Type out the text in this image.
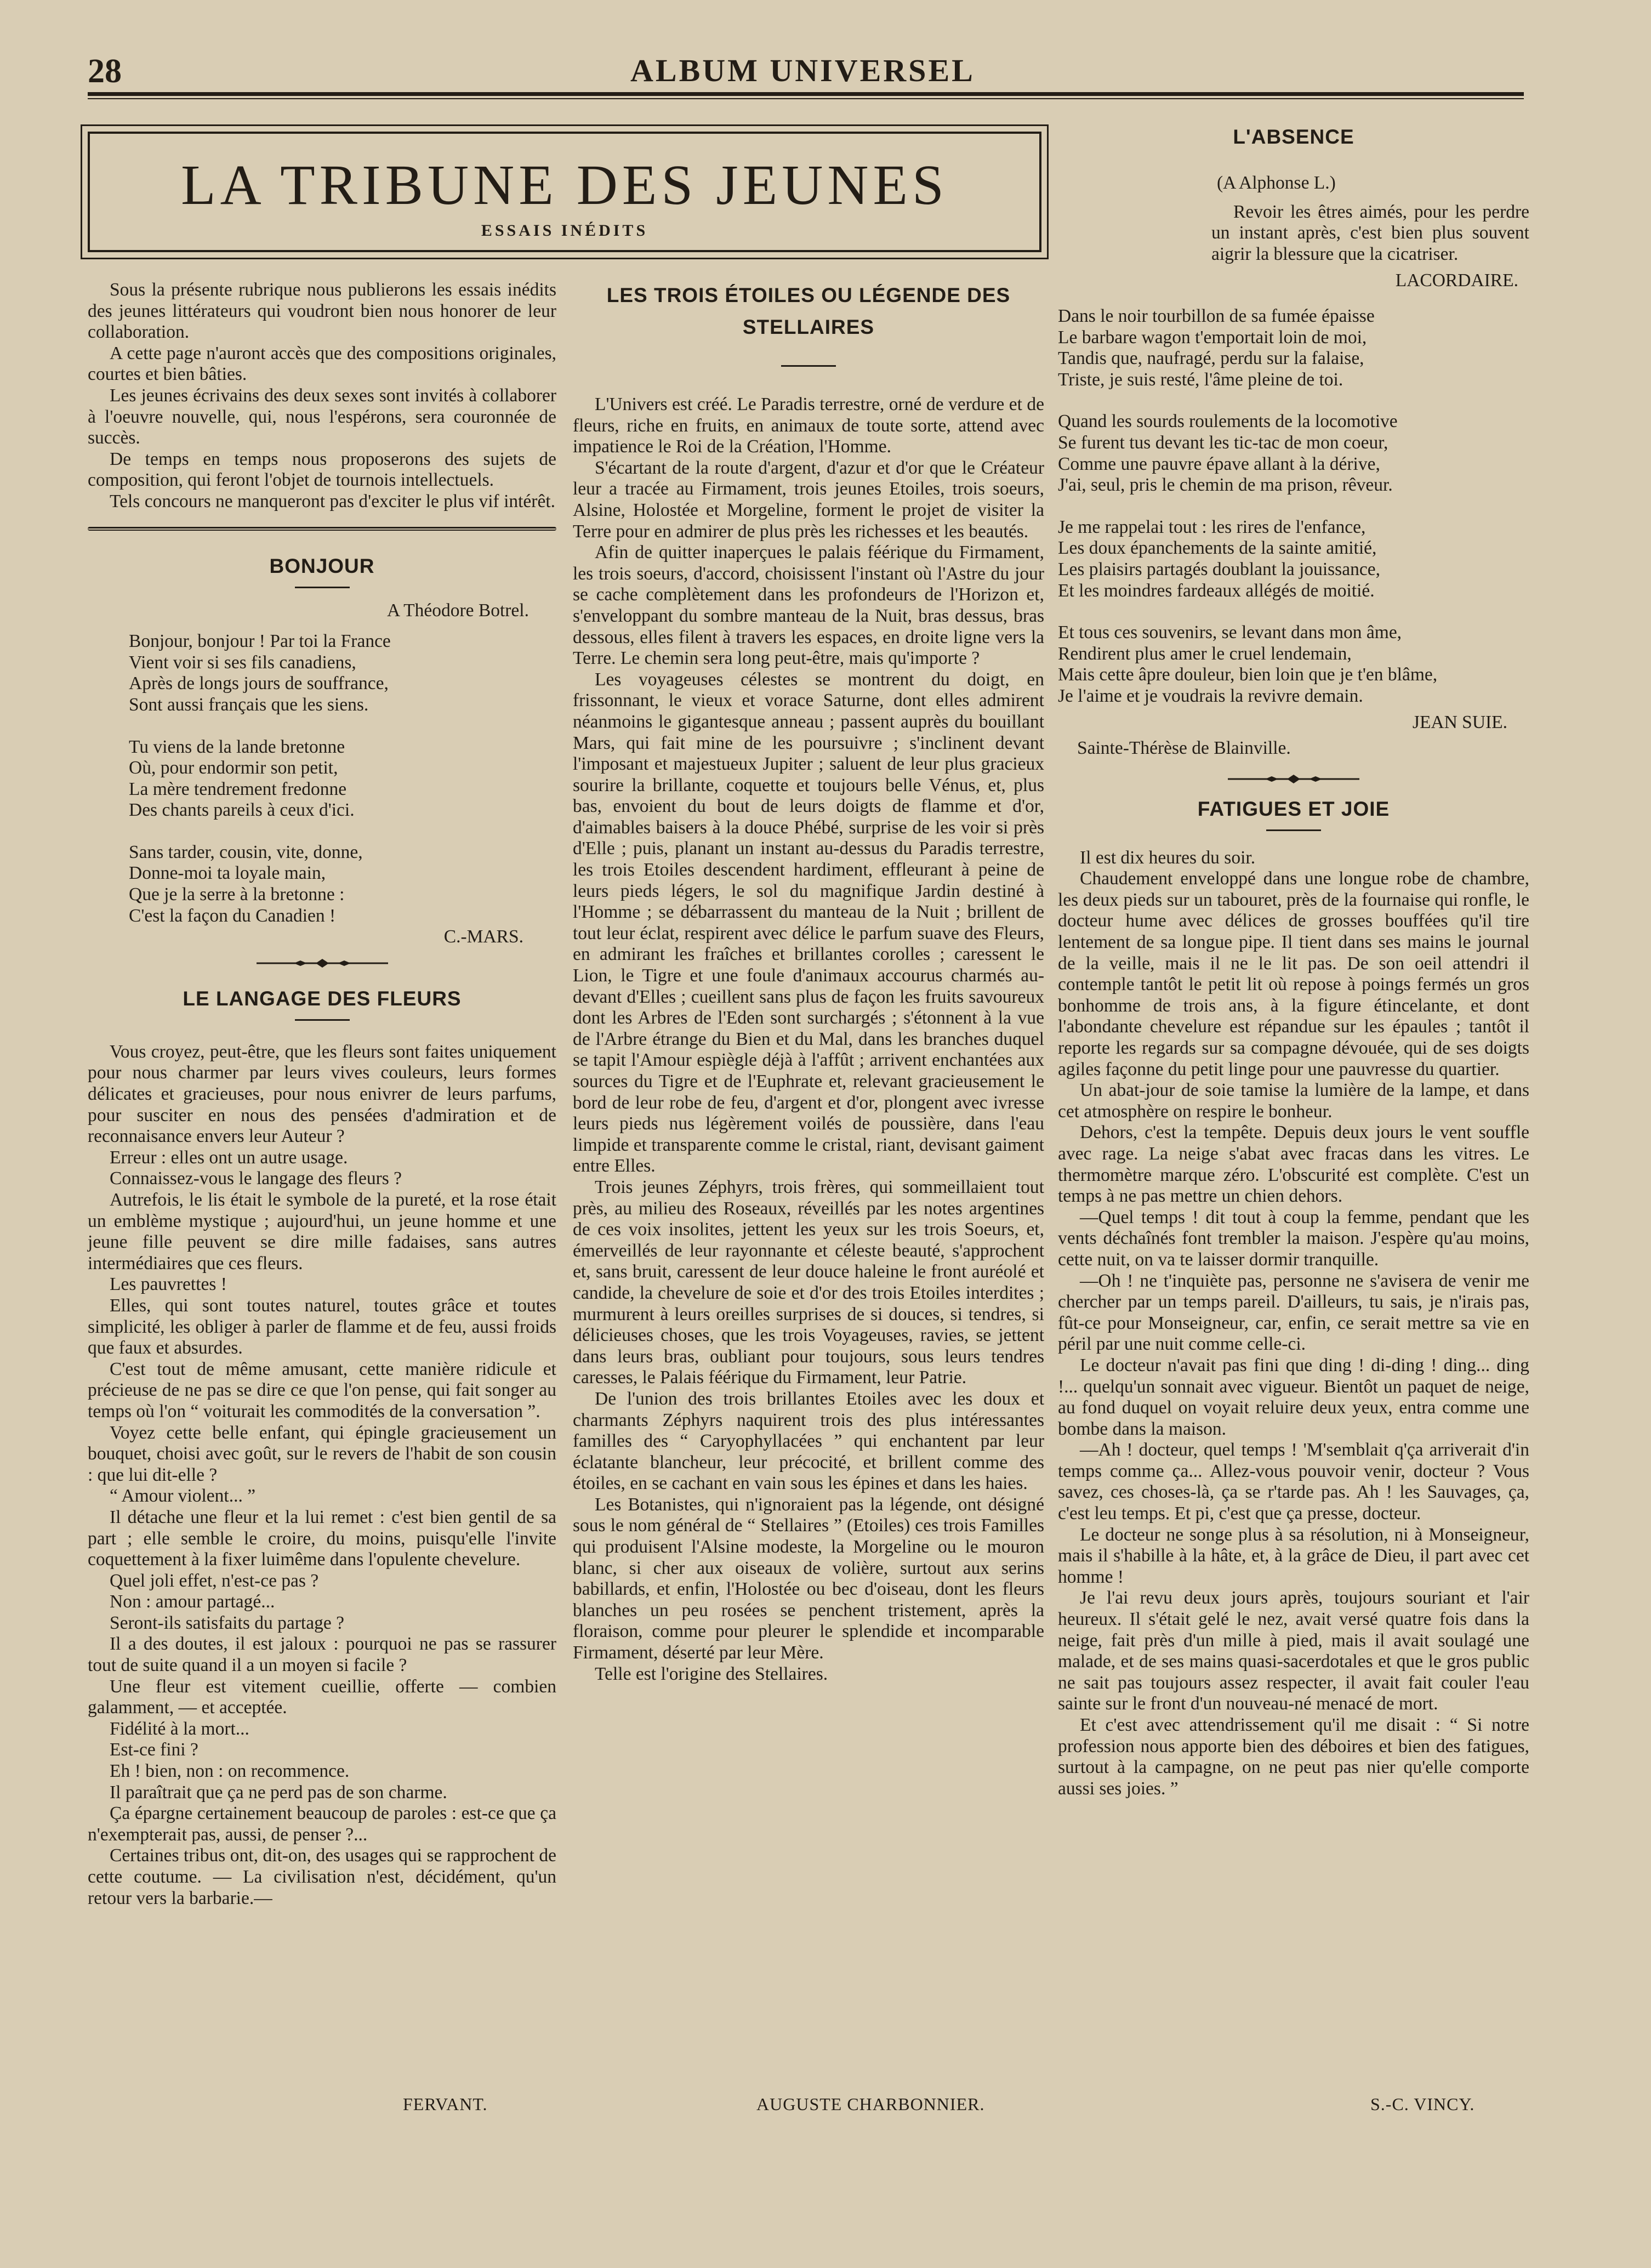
28	ALBUM UNIVERSEL
LA TRIBUNE DES JEUNES
ESSAIS INÉDITS

Sous la présente rubrique nous publierons les essais inédits des jeunes littérateurs qui voudront bien nous honorer de leur collaboration.

A cette page n'auront accès que des compositions originales, courtes et bien bâties.

Les jeunes écrivains des deux sexes sont invités à collaborer à l'oeuvre nouvelle, qui, nous l'espérons, sera couronnée de succès.

De temps en temps nous proposerons des sujets de composition, qui feront l'objet de tournois intellectuels.

Tels concours ne manqueront pas d'exciter le plus vif intérêt.

BONJOUR
A Théodore Botrel.
Bonjour, bonjour ! Par toi la France
Vient voir si ses fils canadiens,
Après de longs jours de souffrance,
Sont aussi français que les siens.
Tu viens de la lande bretonne
Où, pour endormir son petit,
La mère tendrement fredonne
Des chants pareils à ceux d'ici.
Sans tarder, cousin, vite, donne,
Donne-moi ta loyale main,
Que je la serre à la bretonne :
C'est la façon du Canadien !
C.-MARS.
LE LANGAGE DES FLEURS

Vous croyez, peut-être, que les fleurs sont faites uniquement pour nous charmer par leurs vives couleurs, leurs formes délicates et gracieuses, pour nous enivrer de leurs parfums, pour susciter en nous des pensées d'admiration et de reconnaisance envers leur Auteur ?

Erreur : elles ont un autre usage.

Connaissez-vous le langage des fleurs ?

Autrefois, le lis était le symbole de la pureté, et la rose était un emblème mystique ; aujourd'hui, un jeune homme et une jeune fille peuvent se dire mille fadaises, sans autres intermédiaires que ces fleurs.

Les pauvrettes !

Elles, qui sont toutes naturel, toutes grâce et toutes simplicité, les obliger à parler de flamme et de feu, aussi froids que faux et absurdes.

C'est tout de même amusant, cette manière ridicule et précieuse de ne pas se dire ce que l'on pense, qui fait songer au temps où l'on “ voiturait les commodités de la conversation ”.

Voyez cette belle enfant, qui épingle gracieusement un bouquet, choisi avec goût, sur le revers de l'habit de son cousin : que lui dit-elle ?

“ Amour violent... ”

Il détache une fleur et la lui remet : c'est bien gentil de sa part ; elle semble le croire, du moins, puisqu'elle l'invite coquettement à la fixer luimême dans l'opulente chevelure.

Quel joli effet, n'est-ce pas ?

Non : amour partagé...

Seront-ils satisfaits du partage ?

Il a des doutes, il est jaloux : pourquoi ne pas se rassurer tout de suite quand il a un moyen si facile ?

Une fleur est vitement cueillie, offerte — combien galamment, — et acceptée.

Fidélité à la mort...

Est-ce fini ?

Eh ! bien, non : on recommence.

Il paraîtrait que ça ne perd pas de son charme.

Ça épargne certainement beaucoup de paroles : est-ce que ça n'exempterait pas, aussi, de penser ?...

Certaines tribus ont, dit-on, des usages qui se rapprochent de cette coutume. — La civilisation n'est, décidément, qu'un retour vers la barbarie.—

FERVANT.
LES TROIS ÉTOILES OU LÉGENDE DES STELLAIRES

L'Univers est créé. Le Paradis terrestre, orné de verdure et de fleurs, riche en fruits, en animaux de toute sorte, attend avec impatience le Roi de la Création, l'Homme.

S'écartant de la route d'argent, d'azur et d'or que le Créateur leur a tracée au Firmament, trois jeunes Etoiles, trois soeurs, Alsine, Holostée et Morgeline, forment le projet de visiter la Terre pour en admirer de plus près les richesses et les beautés.

Afin de quitter inaperçues le palais féérique du Firmament, les trois soeurs, d'accord, choisissent l'instant où l'Astre du jour se cache complètement dans les profondeurs de l'Horizon et, s'enveloppant du sombre manteau de la Nuit, bras dessus, bras dessous, elles filent à travers les espaces, en droite ligne vers la Terre. Le chemin sera long peut-être, mais qu'importe ?

Les voyageuses célestes se montrent du doigt, en frissonnant, le vieux et vorace Saturne, dont elles admirent néanmoins le gigantesque anneau ; passent auprès du bouillant Mars, qui fait mine de les poursuivre ; s'inclinent devant l'imposant et majestueux Jupiter ; saluent de leur plus gracieux sourire la brillante, coquette et toujours belle Vénus, et, plus bas, envoient du bout de leurs doigts de flamme et d'or, d'aimables baisers à la douce Phébé, surprise de les voir si près d'Elle ; puis, planant un instant au-dessus du Paradis terrestre, les trois Etoiles descendent hardiment, effleurant à peine de leurs pieds légers, le sol du magnifique Jardin destiné à l'Homme ; se débarrassent du manteau de la Nuit ; brillent de tout leur éclat, respirent avec délice le parfum suave des Fleurs, en admirant les fraîches et brillantes corolles ; caressent le Lion, le Tigre et une foule d'animaux accourus charmés au-devant d'Elles ; cueillent sans plus de façon les fruits savoureux dont les Arbres de l'Eden sont surchargés ; s'étonnent à la vue de l'Arbre étrange du Bien et du Mal, dans les branches duquel se tapit l'Amour espiègle déjà à l'affût ; arrivent enchantées aux sources du Tigre et de l'Euphrate et, relevant gracieusement le bord de leur robe de feu, d'argent et d'or, plongent avec ivresse leurs pieds nus légèrement voilés de poussière, dans l'eau limpide et transparente comme le cristal, riant, devisant gaiment entre Elles.

Trois jeunes Zéphyrs, trois frères, qui sommeillaient tout près, au milieu des Roseaux, réveillés par les notes argentines de ces voix insolites, jettent les yeux sur les trois Soeurs, et, émerveillés de leur rayonnante et céleste beauté, s'approchent et, sans bruit, caressent de leur douce haleine le front auréolé et candide, la chevelure de soie et d'or des trois Etoiles interdites ; murmurent à leurs oreilles surprises de si douces, si tendres, si délicieuses choses, que les trois Voyageuses, ravies, se jettent dans leurs bras, oubliant pour toujours, sous leurs tendres caresses, le Palais féérique du Firmament, leur Patrie.

De l'union des trois brillantes Etoiles avec les doux et charmants Zéphyrs naquirent trois des plus intéressantes familles des “ Caryophyllacées ” qui enchantent par leur éclatante blancheur, leur précocité, et brillent comme des étoiles, en se cachant en vain sous les épines et dans les haies.

Les Botanistes, qui n'ignoraient pas la légende, ont désigné sous le nom général de “ Stellaires ” (Etoiles) ces trois Familles qui produisent l'Alsine modeste, la Morgeline ou le mouron blanc, si cher aux oiseaux de volière, surtout aux serins babillards, et enfin, l'Holostée ou bec d'oiseau, dont les fleurs blanches un peu rosées se penchent tristement, après la floraison, comme pour pleurer le splendide et incomparable Firmament, déserté par leur Mère.

Telle est l'origine des Stellaires.

AUGUSTE CHARBONNIER.
L'ABSENCE
(A Alphonse L.)

Revoir les êtres aimés, pour les perdre un instant après, c'est bien plus souvent aigrir la blessure que la cicatriser.

LACORDAIRE.
Dans le noir tourbillon de sa fumée épaisse
Le barbare wagon t'emportait loin de moi,
Tandis que, naufragé, perdu sur la falaise,
Triste, je suis resté, l'âme pleine de toi.
Quand les sourds roulements de la locomotive
Se furent tus devant les tic-tac de mon coeur,
Comme une pauvre épave allant à la dérive,
J'ai, seul, pris le chemin de ma prison, rêveur.
Je me rappelai tout : les rires de l'enfance,
Les doux épanchements de la sainte amitié,
Les plaisirs partagés doublant la jouissance,
Et les moindres fardeaux allégés de moitié.
Et tous ces souvenirs, se levant dans mon âme,
Rendirent plus amer le cruel lendemain,
Mais cette âpre douleur, bien loin que je t'en blâme,
Je l'aime et je voudrais la revivre demain.
JEAN SUIE.
Sainte-Thérèse de Blainville.
FATIGUES ET JOIE

Il est dix heures du soir.

Chaudement enveloppé dans une longue robe de chambre, les deux pieds sur un tabouret, près de la fournaise qui ronfle, le docteur hume avec délices de grosses bouffées qu'il tire lentement de sa longue pipe. Il tient dans ses mains le journal de la veille, mais il ne le lit pas. De son oeil attendri il contemple tantôt le petit lit où repose à poings fermés un gros bonhomme de trois ans, à la figure étincelante, et dont l'abondante chevelure est répandue sur les épaules ; tantôt il reporte les regards sur sa compagne dévouée, qui de ses doigts agiles façonne du petit linge pour une pauvresse du quartier.

Un abat-jour de soie tamise la lumière de la lampe, et dans cet atmosphère on respire le bonheur.

Dehors, c'est la tempête. Depuis deux jours le vent souffle avec rage. La neige s'abat avec fracas dans les vitres. Le thermomètre marque zéro. L'obscurité est complète. C'est un temps à ne pas mettre un chien dehors.

—Quel temps ! dit tout à coup la femme, pendant que les vents déchaînés font trembler la maison. J'espère qu'au moins, cette nuit, on va te laisser dormir tranquille.

—Oh ! ne t'inquiète pas, personne ne s'avisera de venir me chercher par un temps pareil. D'ailleurs, tu sais, je n'irais pas, fût-ce pour Monseigneur, car, enfin, ce serait mettre sa vie en péril par une nuit comme celle-ci.

Le docteur n'avait pas fini que ding ! di-ding ! ding... ding !... quelqu'un sonnait avec vigueur. Bientôt un paquet de neige, au fond duquel on voyait reluire deux yeux, entra comme une bombe dans la maison.

—Ah ! docteur, quel temps ! 'M'semblait q'ça arriverait d'in temps comme ça... Allez-vous pouvoir venir, docteur ? Vous savez, ces choses-là, ça se r'tarde pas. Ah ! les Sauvages, ça, c'est leu temps. Et pi, c'est que ça presse, docteur.

Le docteur ne songe plus à sa résolution, ni à Monseigneur, mais il s'habille à la hâte, et, à la grâce de Dieu, il part avec cet homme !

Je l'ai revu deux jours après, toujours souriant et l'air heureux. Il s'était gelé le nez, avait versé quatre fois dans la neige, fait près d'un mille à pied, mais il avait soulagé une malade, et de ses mains quasi-sacerdotales et que le gros public ne sait pas toujours assez respecter, il avait fait couler l'eau sainte sur le front d'un nouveau-né menacé de mort.

Et c'est avec attendrissement qu'il me disait : “ Si notre profession nous apporte bien des déboires et bien des fatigues, surtout à la campagne, on ne peut pas nier qu'elle comporte aussi ses joies. ”

S.-C. VINCY.
